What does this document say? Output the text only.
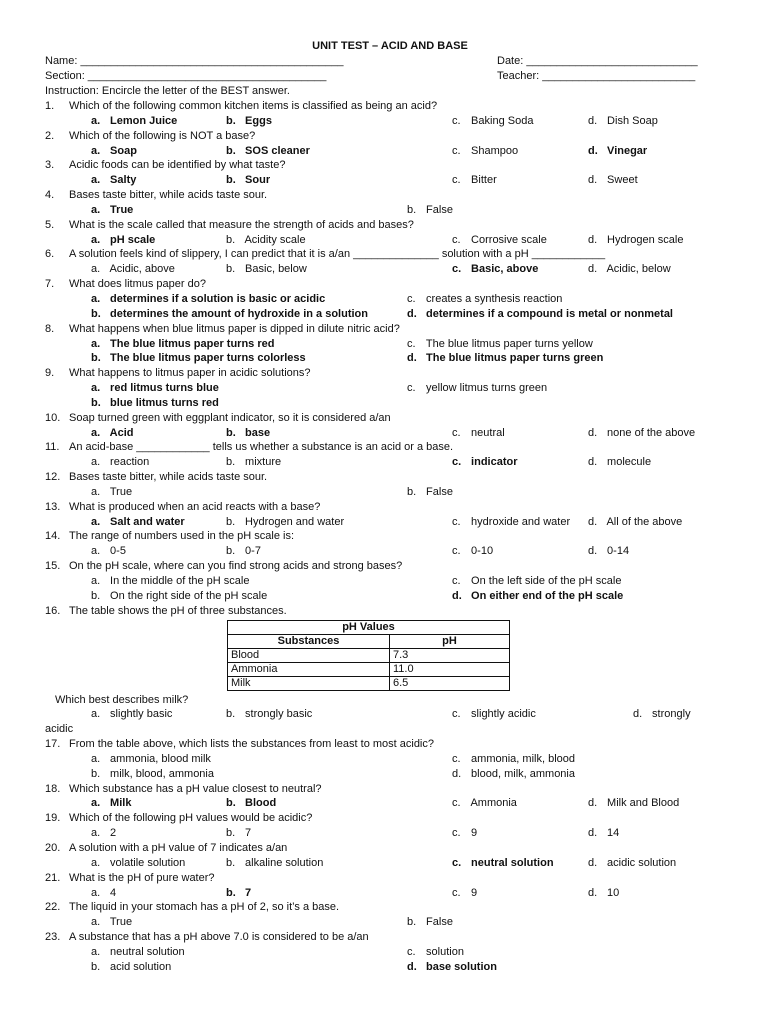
UNIT TEST – ACID AND BASE
Name: ___________________________________________	Date: ____________________________
Section: _______________________________________	Teacher: _________________________
Instruction: Encircle the letter of the BEST answer.
1. Which of the following common kitchen items is classified as being an acid?
a. Lemon Juice	b. Eggs	c. Baking Soda	d. Dish Soap
2. Which of the following is NOT a base?
a. Soap	b. SOS cleaner	c. Shampoo	d. Vinegar
3. Acidic foods can be identified by what taste?
a. Salty	b. Sour	c. Bitter	d. Sweet
4. Bases taste bitter, while acids taste sour.
a. True	b. False
5. What is the scale called that measure the strength of acids and bases?
a. pH scale	b. Acidity scale	c. Corrosive scale	d. Hydrogen scale
6. A solution feels kind of slippery, I can predict that it is a/an ______________ solution with a pH ____________
a. Acidic, above	b. Basic, below	c. Basic, above	d. Acidic, below
7. What does litmus paper do?
a. determines if a solution is basic or acidic	c. creates a synthesis reaction
b. determines the amount of hydroxide in a solution	d. determines if a compound is metal or nonmetal
8. What happens when blue litmus paper is dipped in dilute nitric acid?
a. The blue litmus paper turns red	c. The blue litmus paper turns yellow
b. The blue litmus paper turns colorless	d. The blue litmus paper turns green
9. What happens to litmus paper in acidic solutions?
a. red litmus turns blue	c. yellow litmus turns green
b. blue litmus turns red
10. Soap turned green with eggplant indicator, so it is considered a/an
a. Acid	b. base	c. neutral	d. none of the above
11. An acid-base ____________ tells us whether a substance is an acid or a base.
a. reaction	b. mixture	c. indicator	d. molecule
12. Bases taste bitter, while acids taste sour.
a. True	b. False
13. What is produced when an acid reacts with a base?
a. Salt and water	b. Hydrogen and water	c. hydroxide and water d. All of the above
14. The range of numbers used in the pH scale is:
a. 0-5	b. 0-7	c. 0-10	d. 0-14
15. On the pH scale, where can you find strong acids and strong bases?
a. In the middle of the pH scale	c. On the left side of the pH scale
b. On the right side of the pH scale	d. On either end of the pH scale
16. The table shows the pH of three substances.
pH Values	
Substances	pH
Blood	7.3
Ammonia	11.0
Milk	6.5
Which best describes milk?
a. slightly basic	b. strongly basic	c. slightly acidic	d. strongly
acidic
17. From the table above, which lists the substances from least to most acidic?
a. ammonia, blood milk	c. ammonia, milk, blood
b. milk, blood, ammonia	d. blood, milk, ammonia
18. Which substance has a pH value closest to neutral?
a. Milk	b. Blood	c. Ammonia	d. Milk and Blood
19. Which of the following pH values would be acidic?
a. 2	b. 7	c. 9	d. 14
20. A solution with a pH value of 7 indicates a/an
a. volatile solution	b. alkaline solution	c. neutral solution	d. acidic solution
21. What is the pH of pure water?
a. 4	b. 7	c. 9	d. 10
22. The liquid in your stomach has a pH of 2, so it’s a base.
a. True	b. False
23. A substance that has a pH above 7.0 is considered to be a/an
a. neutral solution	c. solution
b. acid solution	d. base solution
